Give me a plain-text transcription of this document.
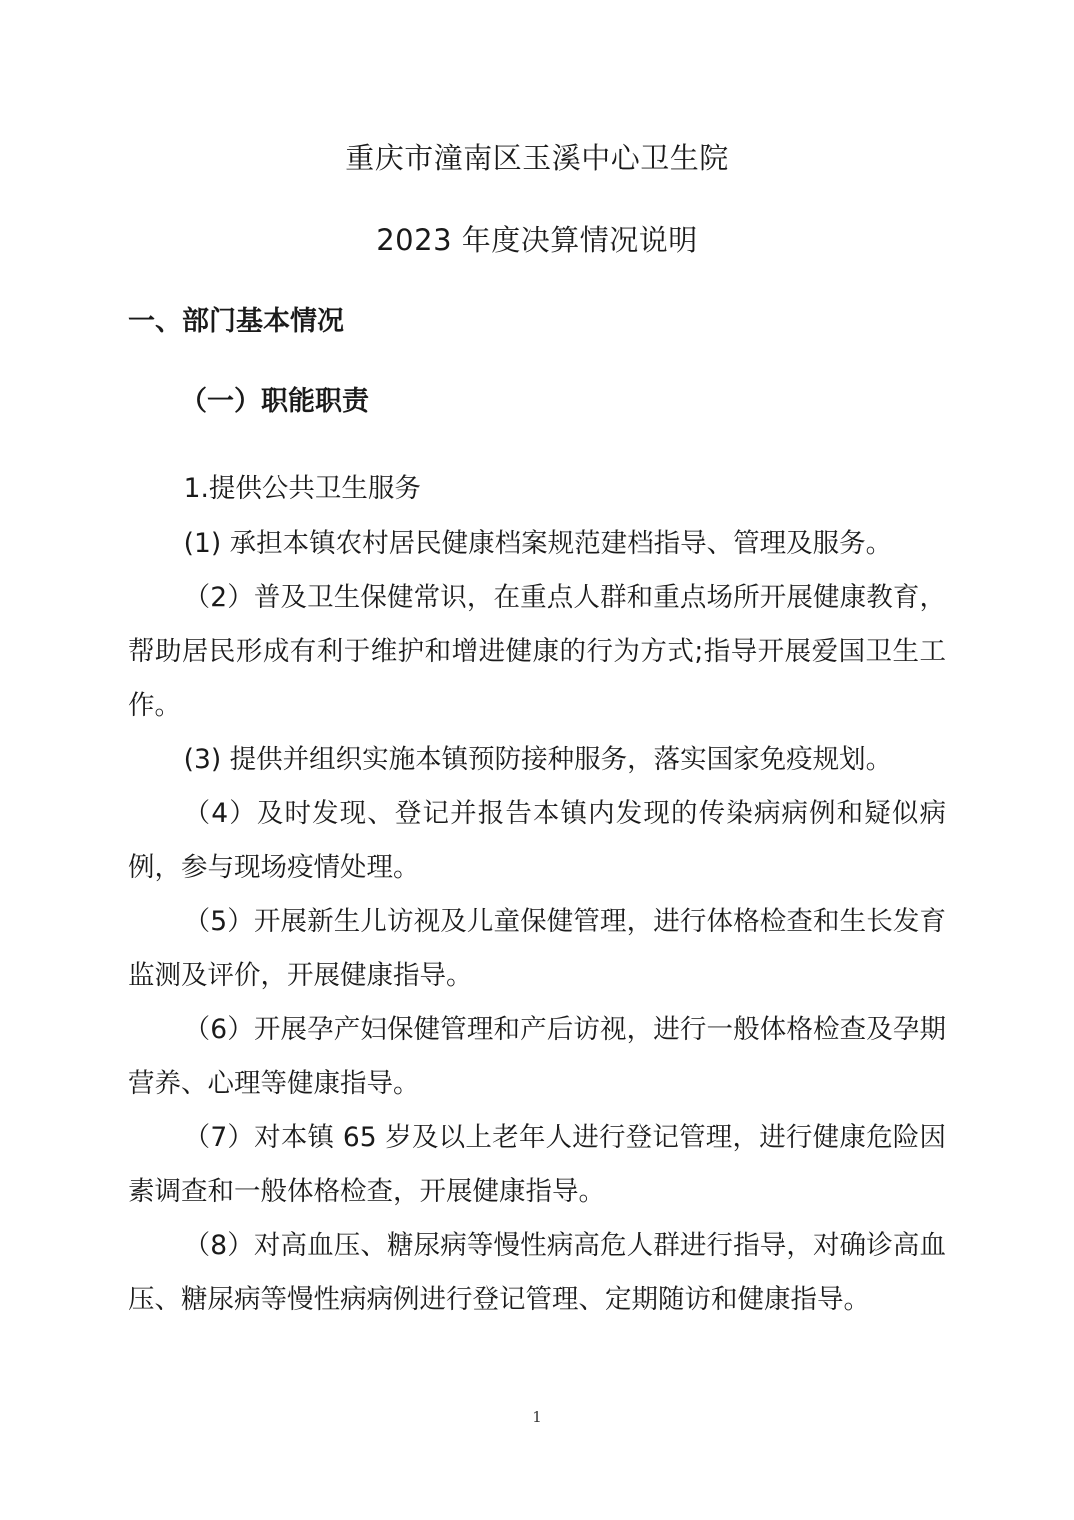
重庆市潼南区玉溪中心卫生院
2023 年度决算情况说明
一、部门基本情况
（一）职能职责
1.提供公共卫生服务
(1) 承担本镇农村居民健康档案规范建档指导、管理及服务。
（2）普及卫生保健常识，在重点人群和重点场所开展健康教育，帮助居民形成有利于维护和增进健康的行为方式;指导开展爱国卫生工作。
(3) 提供并组织实施本镇预防接种服务，落实国家免疫规划。
（4）及时发现、登记并报告本镇内发现的传染病病例和疑似病例，参与现场疫情处理。
（5）开展新生儿访视及儿童保健管理，进行体格检查和生长发育监测及评价，开展健康指导。
（6）开展孕产妇保健管理和产后访视，进行一般体格检查及孕期营养、心理等健康指导。
（7）对本镇 65 岁及以上老年人进行登记管理，进行健康危险因素调查和一般体格检查，开展健康指导。
（8）对高血压、糖尿病等慢性病高危人群进行指导，对确诊高血压、糖尿病等慢性病病例进行登记管理、定期随访和健康指导。
1
